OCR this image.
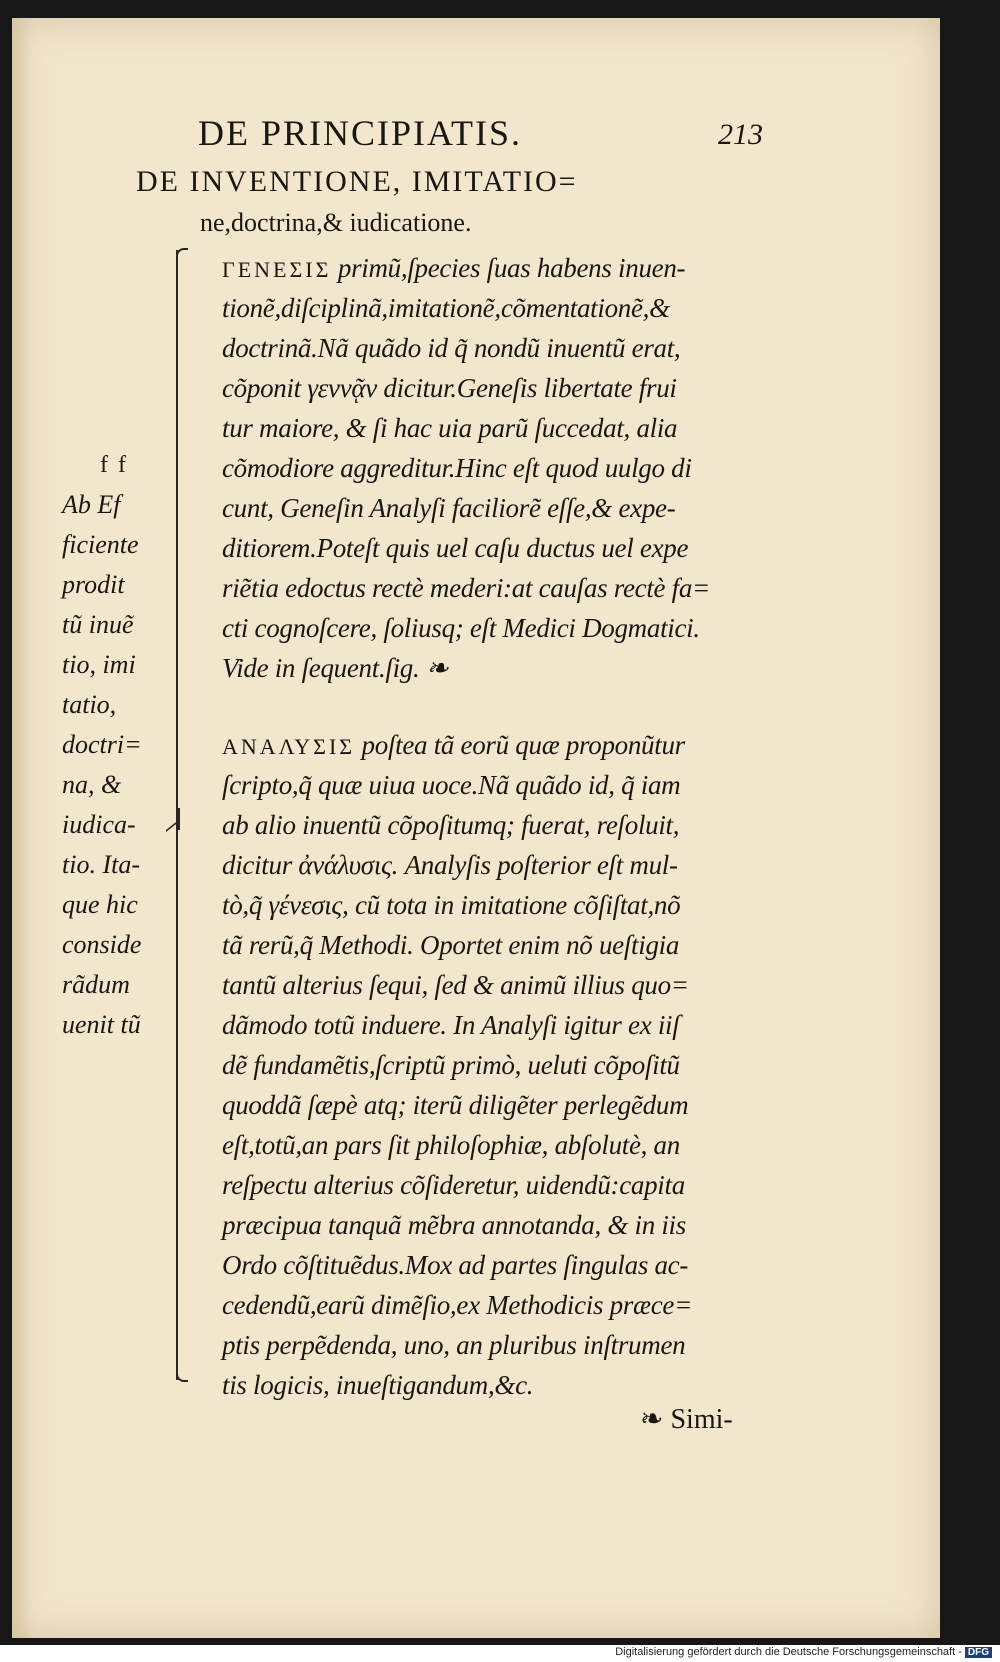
DE PRINCIPIATIS.	213
DE INVENTIONE, IMITATIO=
ne,doctrina,& iudicatione.
f f
Ab Ef
ficiente
prodit
tũ inuẽ
tio, imi
tatio,
doctri=
na, &
iudica-
tio. Ita-
que hic
conside
rãdum
uenit tũ
ΓΕΝΕΣΙΣ primũ,ſpecies ſuas habens inuen-
tionẽ,diſciplinã,imitationẽ,cõmentationẽ,&
doctrinã.Nã quãdo id q̃ nondũ inuentũ erat,
cõponit γεννᾷν dicitur.Geneſis libertate frui
tur maiore, & ſi hac uia parũ ſuccedat, alia
cõmodiore aggreditur.Hinc eſt quod uulgo di
cunt, Geneſin Analyſi faciliorẽ eſſe,& expe-
ditiorem.Poteſt quis uel caſu ductus uel expe
riẽtia edoctus rectè mederi:at cauſas rectè fa=
cti cognoſcere, ſoliusq; eſt Medici Dogmatici.
Vide in ſequent.ſig. ❧
ΑΝΑΛΥΣΙΣ poſtea tã eorũ quæ proponũtur
ſcripto,q̃ quæ uiua uoce.Nã quãdo id, q̃ iam
ab alio inuentũ cõpoſitumq; fuerat, reſoluit,
dicitur ἀνάλυσις. Analyſis poſterior eſt mul-
tò,q̃ γένεσις, cũ tota in imitatione cõſiſtat,nõ
tã rerũ,q̃ Methodi. Oportet enim nõ ueſtigia
tantũ alterius ſequi, ſed & animũ illius quo=
dãmodo totũ induere. In Analyſi igitur ex iiſ
dẽ fundamẽtis,ſcriptũ primò, ueluti cõpoſitũ
quoddã ſæpè atq; iterũ diligẽter perlegẽdum
eſt,totũ,an pars ſit philoſophiæ, abſolutè, an
reſpectu alterius cõſideretur, uidendũ:capita
præcipua tanquã mẽbra annotanda, & in iis
Ordo cõſtituẽdus.Mox ad partes ſingulas ac-
cedendũ,earũ dimẽſio,ex Methodicis præce=
ptis perpẽdenda, uno, an pluribus inſtrumen
tis logicis, inueſtigandum,&c.
❧ Simi-
Digitalisierung gefördert durch die Deutsche Forschungsgemeinschaft - DFG
